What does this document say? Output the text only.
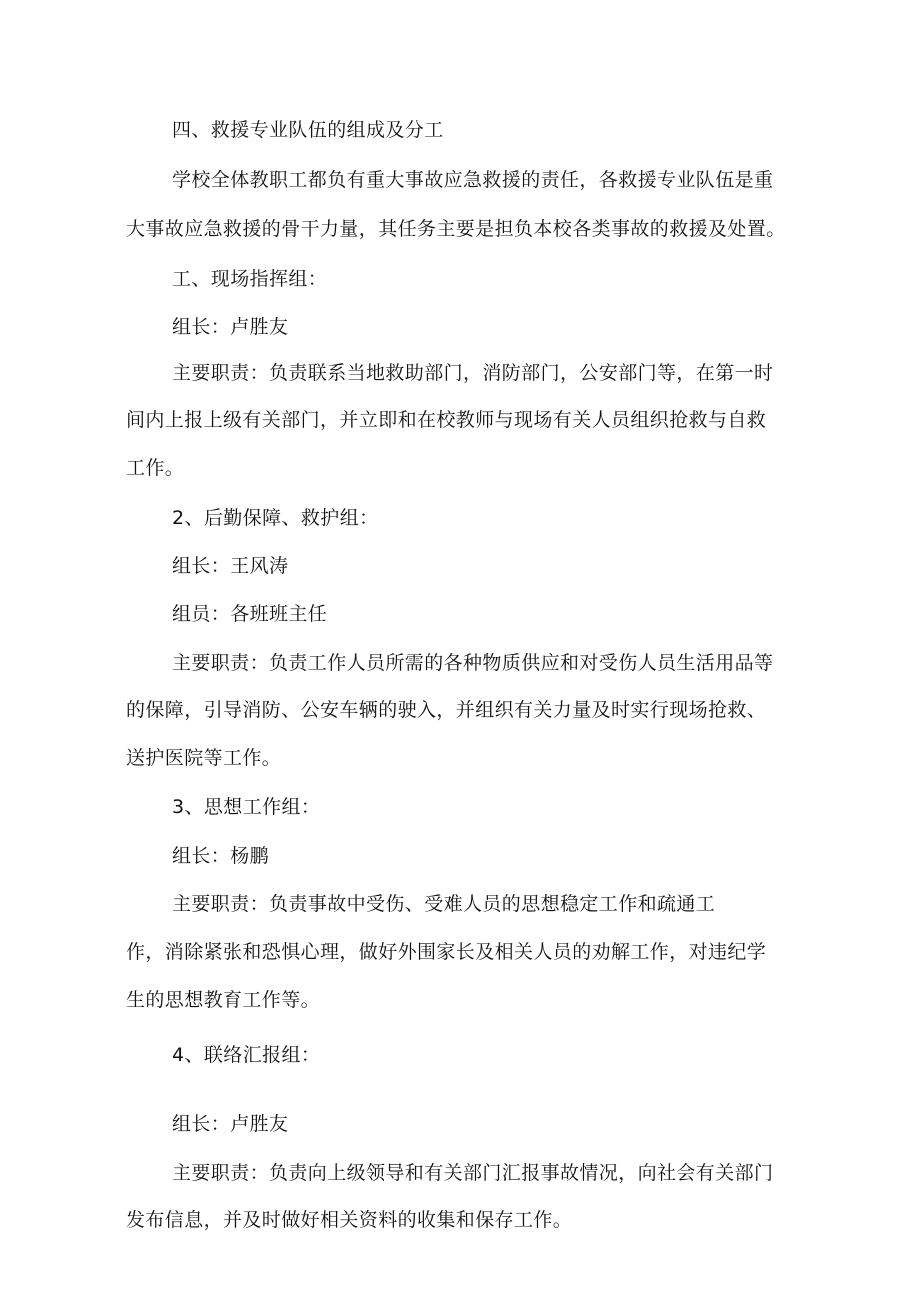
四、救援专业队伍的组成及分工
学校全体教职工都负有重大事故应急救援的责任，各救援专业队伍是重
大事故应急救援的骨干力量，其任务主要是担负本校各类事故的救援及处置。
工、现场指挥组：
组长：卢胜友
主要职责：负责联系当地救助部门，消防部门，公安部门等，在第一时
间内上报上级有关部门，并立即和在校教师与现场有关人员组织抢救与自救
工作。
2、后勤保障、救护组：
组长：王风涛
组员：各班班主任
主要职责：负责工作人员所需的各种物质供应和对受伤人员生活用品等
的保障，引导消防、公安车辆的驶入，并组织有关力量及时实行现场抢救、
送护医院等工作。
3、思想工作组：
组长：杨鹏
主要职责：负责事故中受伤、受难人员的思想稳定工作和疏通工
作，消除紧张和恐惧心理，做好外围家长及相关人员的劝解工作，对违纪学
生的思想教育工作等。
4、联络汇报组：
组长：卢胜友
主要职责：负责向上级领导和有关部门汇报事故情况，向社会有关部门
发布信息，并及时做好相关资料的收集和保存工作。
